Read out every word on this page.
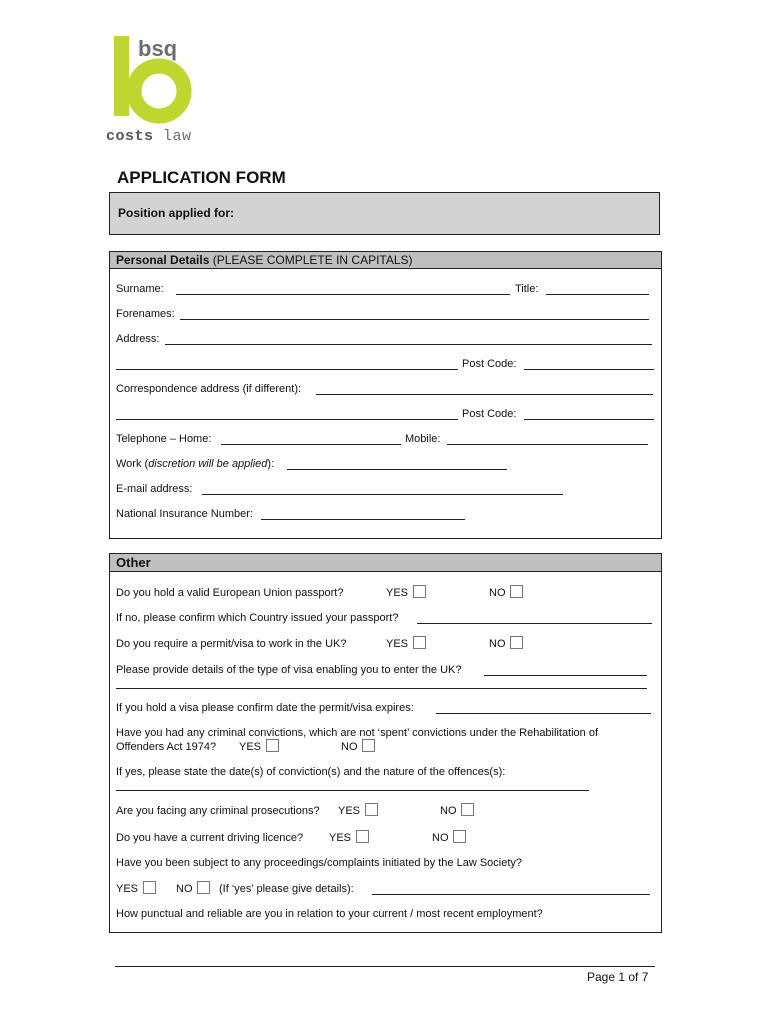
bsq
costs law
APPLICATION FORM
Position applied for:
Personal Details (PLEASE COMPLETE IN CAPITALS)
Surname:	Title:
Forenames:
Address:
Post Code:
Correspondence address (if different):
Post Code:
Telephone – Home:	Mobile:
Work (discretion will be applied):
E-mail address:
National Insurance Number:
Other
Do you hold a valid European Union passport?	YES	NO
If no, please confirm which Country issued your passport?
Do you require a permit/visa to work in the UK?	YES	NO
Please provide details of the type of visa enabling you to enter the UK?
If you hold a visa please confirm date the permit/visa expires:
Have you had any criminal convictions, which are not ‘spent’ convictions under the Rehabilitation of
Offenders Act 1974? YES	NO
If yes, please state the date(s) of conviction(s) and the nature of the offences(s):
Are you facing any criminal prosecutions? YES	NO
Do you have a current driving licence? YES	NO
Have you been subject to any proceedings/complaints initiated by the Law Society?
YES	NO (If ‘yes’ please give details):
How punctual and reliable are you in relation to your current / most recent employment?
Page 1 of 7
